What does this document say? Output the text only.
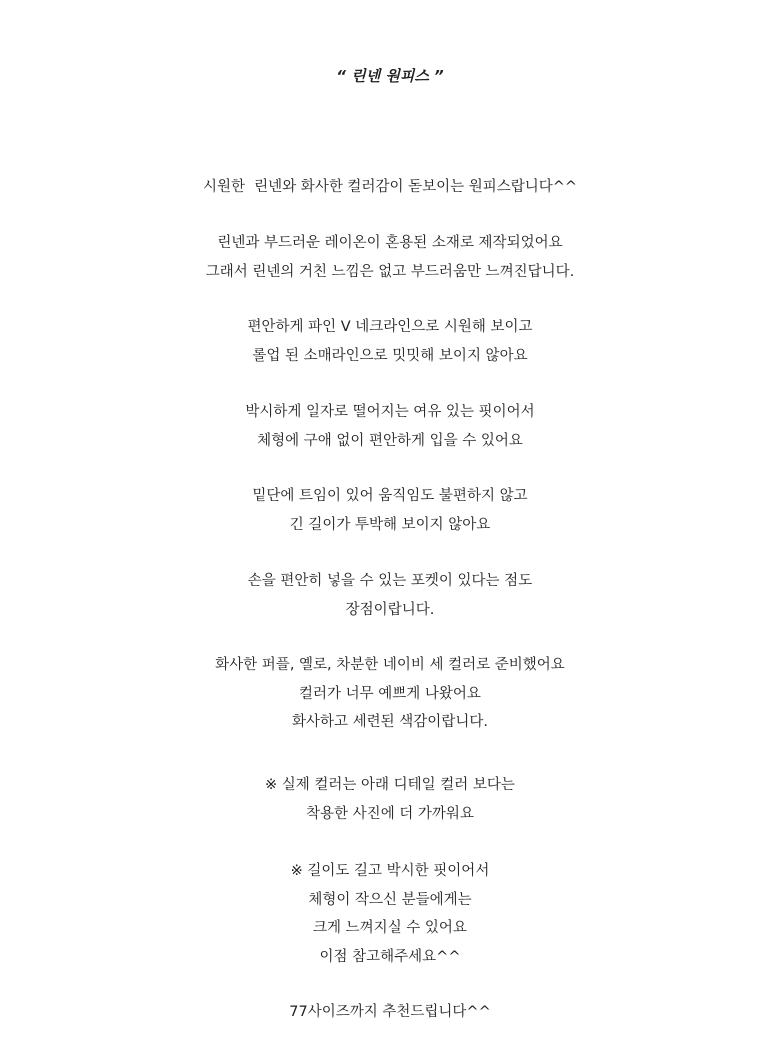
“ 린넨 원피스 ”
시원한  린넨와 화사한 컬러감이 돋보이는 원피스랍니다^^
린넨과 부드러운 레이온이 혼용된 소재로 제작되었어요
그래서 린넨의 거친 느낌은 없고 부드러움만 느껴진답니다.
편안하게 파인 V 네크라인으로 시원해 보이고
롤업 된 소매라인으로 밋밋해 보이지 않아요
박시하게 일자로 떨어지는 여유 있는 핏이어서
체형에 구애 없이 편안하게 입을 수 있어요
밑단에 트임이 있어 움직임도 불편하지 않고
긴 길이가 투박해 보이지 않아요
손을 편안히 넣을 수 있는 포켓이 있다는 점도
장점이랍니다.
화사한 퍼플, 옐로, 차분한 네이비 세 컬러로 준비했어요
컬러가 너무 예쁘게 나왔어요
화사하고 세련된 색감이랍니다.
※ 실제 컬러는 아래 디테일 컬러 보다는
착용한 사진에 더 가까워요
※ 길이도 길고 박시한 핏이어서
체형이 작으신 분들에게는
크게 느껴지실 수 있어요
이점 참고해주세요^^
77사이즈까지 추천드립니다^^
